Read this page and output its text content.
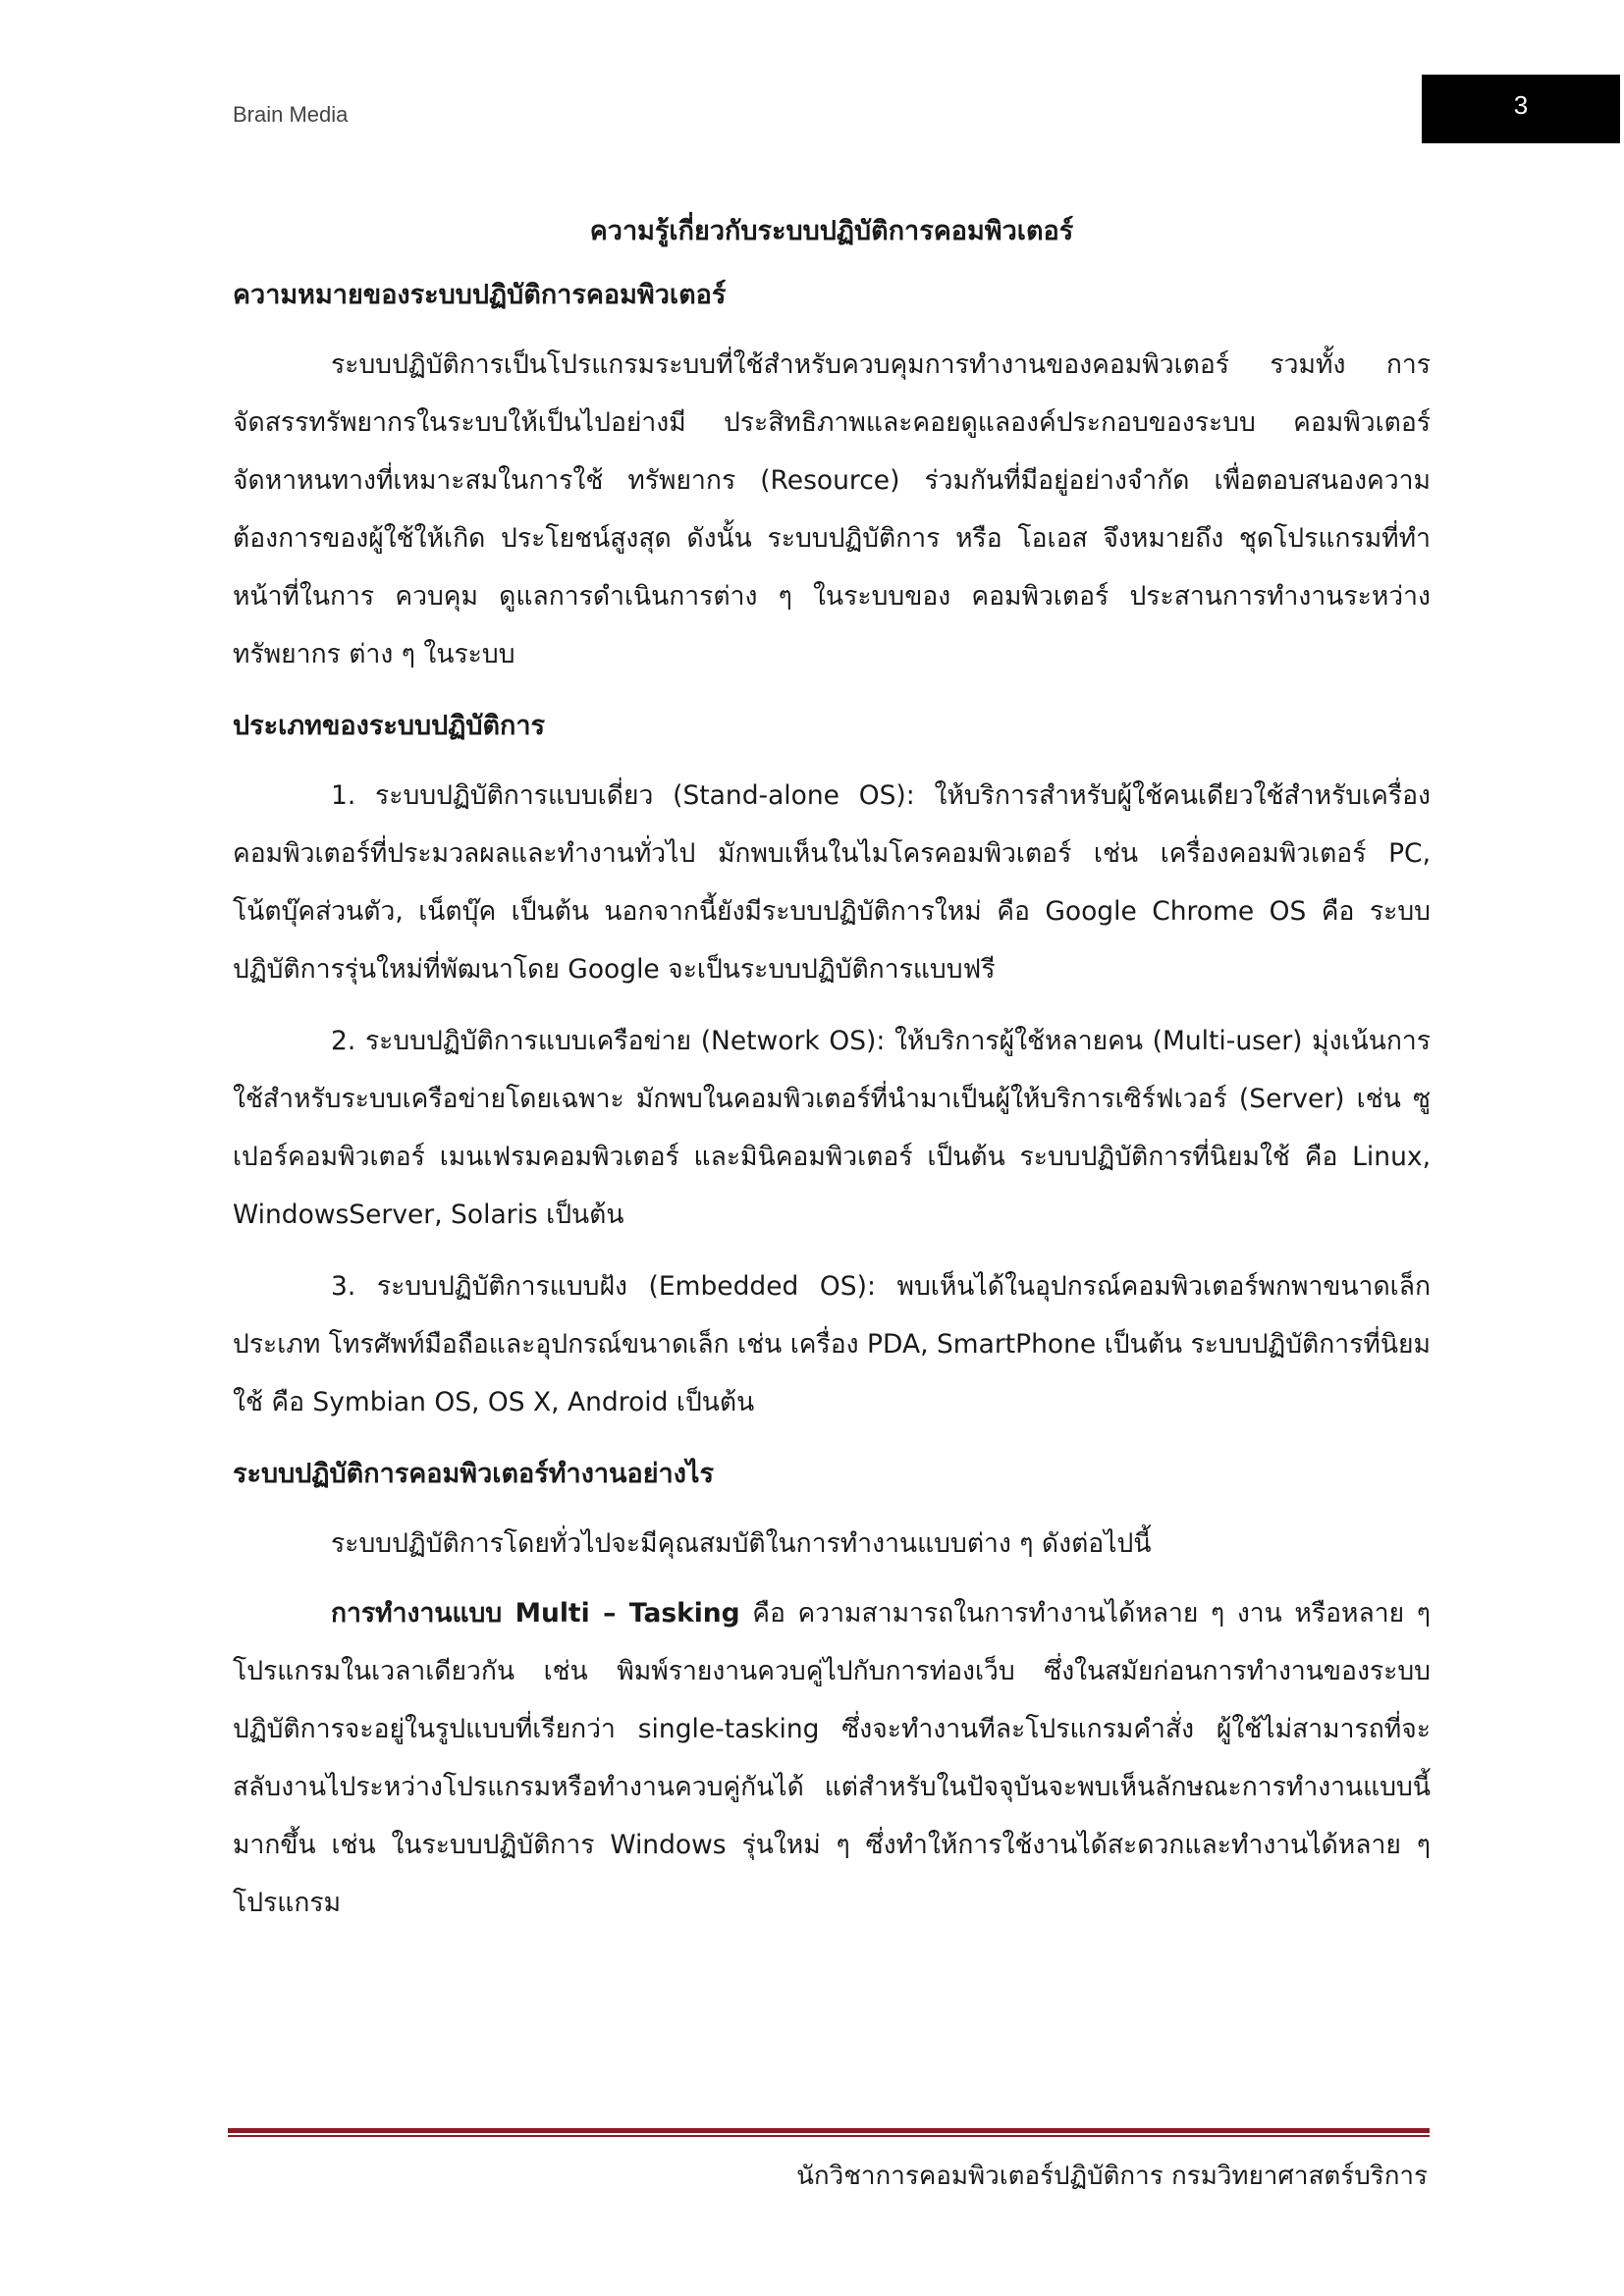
Brain Media	3
ความรู้เกี่ยวกับระบบปฏิบัติการคอมพิวเตอร์
ความหมายของระบบปฏิบัติการคอมพิวเตอร์

ระบบปฏิบัติการเป็นโปรแกรมระบบที่ใช้สำหรับควบคุมการทำงานของคอมพิวเตอร์ รวมทั้ง การจัดสรรทรัพยากรในระบบให้เป็นไปอย่างมี ประสิทธิภาพและคอยดูแลองค์ประกอบของระบบ คอมพิวเตอร์ จัดหาหนทางที่เหมาะสมในการใช้ ทรัพยากร (Resource) ร่วมกันที่มีอยู่อย่างจำกัด เพื่อตอบสนองความต้องการของผู้ใช้ให้เกิด ประโยชน์สูงสุด ดังนั้น ระบบปฏิบัติการ หรือ โอเอส จึงหมายถึง ชุดโปรแกรมที่ทำหน้าที่ในการ ควบคุม ดูแลการดำเนินการต่าง ๆ ในระบบของ คอมพิวเตอร์ ประสานการทำงานระหว่างทรัพยากร ต่าง ๆ ในระบบ

ประเภทของระบบปฏิบัติการ

1. ระบบปฏิบัติการแบบเดี่ยว (Stand-alone OS): ให้บริการสำหรับผู้ใช้คนเดียวใช้สำหรับเครื่องคอมพิวเตอร์ที่ประมวลผลและทำงานทั่วไป มักพบเห็นในไมโครคอมพิวเตอร์ เช่น เครื่องคอมพิวเตอร์ PC, โน้ตบุ๊คส่วนตัว, เน็ตบุ๊ค เป็นต้น นอกจากนี้ยังมีระบบปฏิบัติการใหม่ คือ Google Chrome OS คือ ระบบปฏิบัติการรุ่นใหม่ที่พัฒนาโดย Google จะเป็นระบบปฏิบัติการแบบฟรี

2. ระบบปฏิบัติการแบบเครือข่าย (Network OS): ให้บริการผู้ใช้หลายคน (Multi-user) มุ่งเน้นการใช้สำหรับระบบเครือข่ายโดยเฉพาะ มักพบในคอมพิวเตอร์ที่นำมาเป็นผู้ให้บริการเซิร์ฟเวอร์ (Server) เช่น ซูเปอร์คอมพิวเตอร์ เมนเฟรมคอมพิวเตอร์ และมินิคอมพิวเตอร์ เป็นต้น ระบบปฏิบัติการที่นิยมใช้ คือ Linux, WindowsServer, Solaris เป็นต้น

3. ระบบปฏิบัติการแบบฝัง (Embedded OS): พบเห็นได้ในอุปกรณ์คอมพิวเตอร์พกพาขนาดเล็ก ประเภท โทรศัพท์มือถือและอุปกรณ์ขนาดเล็ก เช่น เครื่อง PDA, SmartPhone เป็นต้น ระบบปฏิบัติการที่นิยมใช้ คือ Symbian OS, OS X, Android เป็นต้น

ระบบปฏิบัติการคอมพิวเตอร์ทำงานอย่างไร

ระบบปฏิบัติการโดยทั่วไปจะมีคุณสมบัติในการทำงานแบบต่าง ๆ ดังต่อไปนี้

การทำงานแบบ Multi – Tasking คือ ความสามารถในการทำงานได้หลาย ๆ งาน หรือหลาย ๆ โปรแกรมในเวลาเดียวกัน เช่น พิมพ์รายงานควบคู่ไปกับการท่องเว็บ ซึ่งในสมัยก่อนการทำงานของระบบปฏิบัติการจะอยู่ในรูปแบบที่เรียกว่า single-tasking ซึ่งจะทำงานทีละโปรแกรมคำสั่ง ผู้ใช้ไม่สามารถที่จะสลับงานไประหว่างโปรแกรมหรือทำงานควบคู่กันได้ แต่สำหรับในปัจจุบันจะพบเห็นลักษณะการทำงานแบบนี้มากขึ้น เช่น ในระบบปฏิบัติการ Windows รุ่นใหม่ ๆ ซึ่งทำให้การใช้งานได้สะดวกและทำงานได้หลาย ๆ โปรแกรม

นักวิชาการคอมพิวเตอร์ปฏิบัติการ กรมวิทยาศาสตร์บริการ
